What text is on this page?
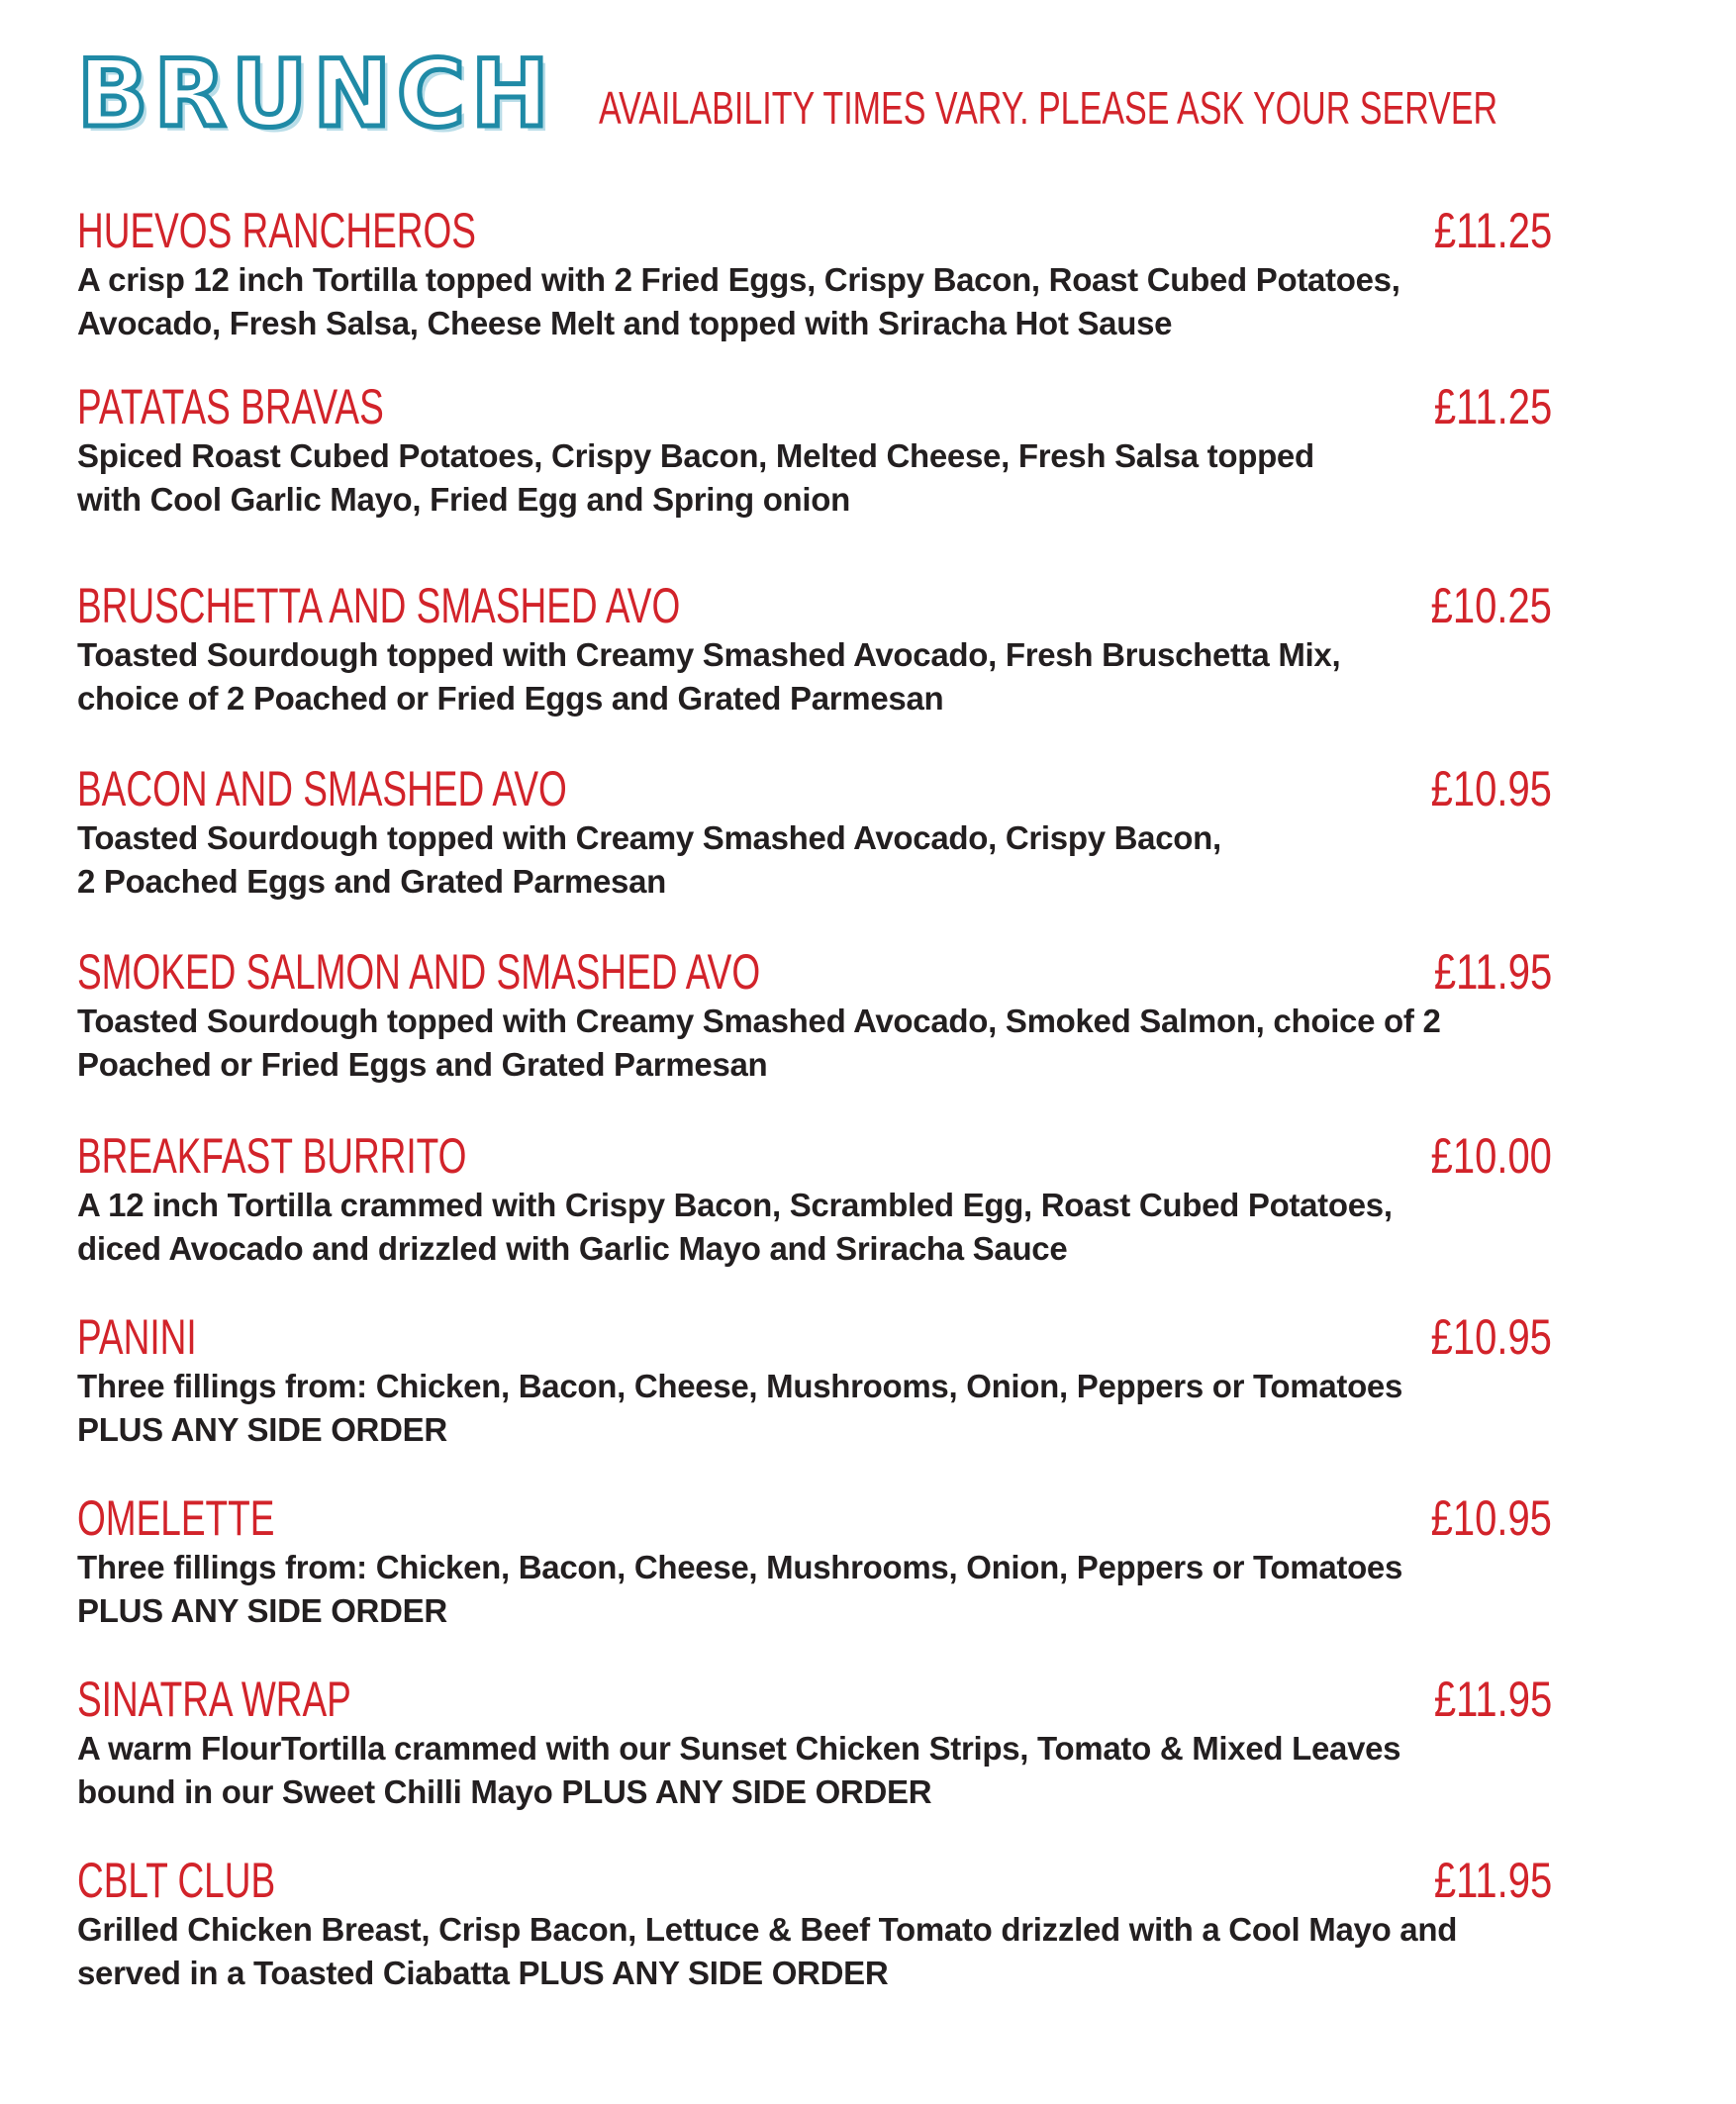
BRUNCH AVAILABILITY TIMES VARY. PLEASE ASK YOUR SERVER
HUEVOS RANCHEROS	£11.25
A crisp 12 inch Tortilla topped with 2 Fried Eggs, Crispy Bacon, Roast Cubed Potatoes,
Avocado, Fresh Salsa, Cheese Melt and topped with Sriracha Hot Sause
PATATAS BRAVAS	£11.25
Spiced Roast Cubed Potatoes, Crispy Bacon, Melted Cheese, Fresh Salsa topped
with Cool Garlic Mayo, Fried Egg and Spring onion
BRUSCHETTA AND SMASHED AVO	£10.25
Toasted Sourdough topped with Creamy Smashed Avocado, Fresh Bruschetta Mix,
choice of 2 Poached or Fried Eggs and Grated Parmesan
BACON AND SMASHED AVO	£10.95
Toasted Sourdough topped with Creamy Smashed Avocado, Crispy Bacon,
2 Poached Eggs and Grated Parmesan
SMOKED SALMON AND SMASHED AVO	£11.95
Toasted Sourdough topped with Creamy Smashed Avocado, Smoked Salmon, choice of 2
Poached or Fried Eggs and Grated Parmesan
BREAKFAST BURRITO	£10.00
A 12 inch Tortilla crammed with Crispy Bacon, Scrambled Egg, Roast Cubed Potatoes,
diced Avocado and drizzled with Garlic Mayo and Sriracha Sauce
PANINI	£10.95
Three fillings from: Chicken, Bacon, Cheese, Mushrooms, Onion, Peppers or Tomatoes
PLUS ANY SIDE ORDER
OMELETTE	£10.95
Three fillings from: Chicken, Bacon, Cheese, Mushrooms, Onion, Peppers or Tomatoes
PLUS ANY SIDE ORDER
SINATRA WRAP	£11.95
A warm FlourTortilla crammed with our Sunset Chicken Strips, Tomato & Mixed Leaves
bound in our Sweet Chilli Mayo PLUS ANY SIDE ORDER
CBLT CLUB	£11.95
Grilled Chicken Breast, Crisp Bacon, Lettuce & Beef Tomato drizzled with a Cool Mayo and
served in a Toasted Ciabatta PLUS ANY SIDE ORDER
